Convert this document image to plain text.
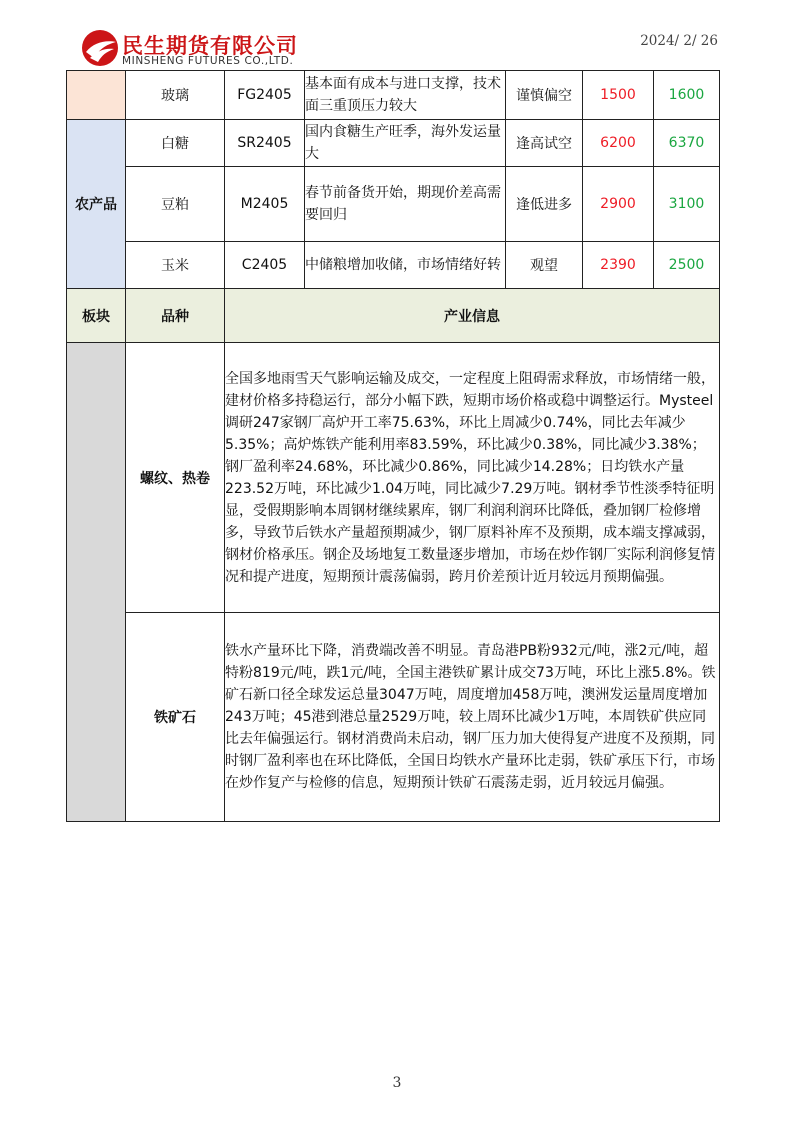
民生期货有限公司
MINSHENG FUTURES CO.,LTD.
2024/ 2/ 26
	玻璃	FG2405	基本面有成本与进口支撑，技术面三重顶压力较大	谨慎偏空	1500	1600
农产品	白糖	SR2405	国内食糖生产旺季，海外发运量大	逢高试空	6200	6370
	豆粕	M2405	春节前备货开始，期现价差高需要回归	逢低进多	2900	3100
	玉米	C2405	中储粮增加收储，市场情绪好转	观望	2390	2500
板块	品种	产业信息				
	螺纹、热卷	全国多地雨雪天气影响运输及成交，一定程度上阻碍需求释放，市场情绪一般，建材价格多持稳运行，部分小幅下跌，短期市场价格或稳中调整运行。Mysteel调研247家钢厂高炉开工率75.63%，环比上周减少0.74%，同比去年减少5.35%；高炉炼铁产能利用率83.59%，环比减少0.38%，同比减少3.38%；钢厂盈利率24.68%，环比减少0.86%，同比减少14.28%；日均铁水产量223.52万吨，环比减少1.04万吨，同比减少7.29万吨。钢材季节性淡季特征明显，受假期影响本周钢材继续累库，钢厂利润利润环比降低，叠加钢厂检修增多，导致节后铁水产量超预期减少，钢厂原料补库不及预期，成本端支撑减弱，钢材价格承压。钢企及场地复工数量逐步增加，市场在炒作钢厂实际利润修复情况和提产进度，短期预计震荡偏弱，跨月价差预计近月较远月预期偏强。				
	铁矿石	铁水产量环比下降，消费端改善不明显。青岛港PB粉932元/吨，涨2元/吨，超特粉819元/吨，跌1元/吨，全国主港铁矿累计成交73万吨，环比上涨5.8%。铁矿石新口径全球发运总量3047万吨，周度增加458万吨，澳洲发运量周度增加243万吨；45港到港总量2529万吨，较上周环比减少1万吨，本周铁矿供应同比去年偏强运行。钢材消费尚未启动，钢厂压力加大使得复产进度不及预期，同时钢厂盈利率也在环比降低，全国日均铁水产量环比走弱，铁矿承压下行，市场在炒作复产与检修的信息，短期预计铁矿石震荡走弱，近月较远月偏强。				
3
